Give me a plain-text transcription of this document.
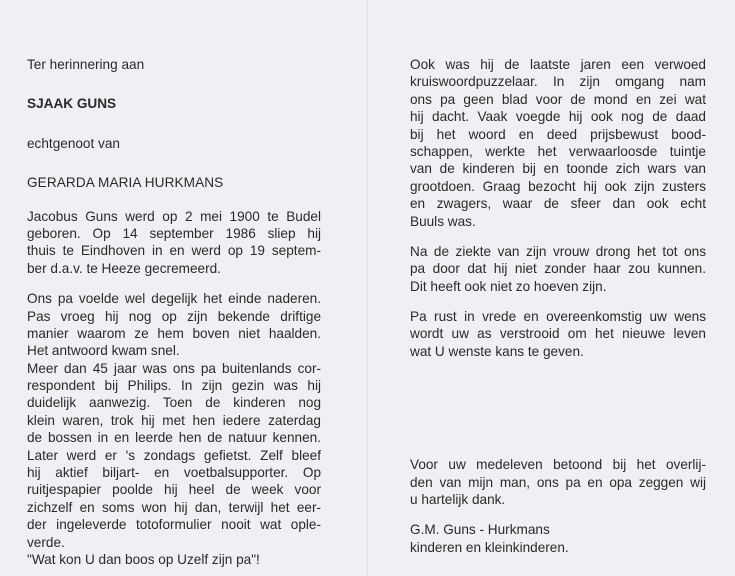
Ter herinnering aan
SJAAK GUNS
echtgenoot van
GERARDA MARIA HURKMANS
Jacobus Guns werd op 2 mei 1900 te Budel
geboren. Op 14 september 1986 sliep hij
thuis te Eindhoven in en werd op 19 septem-
ber d.a.v. te Heeze gecremeerd.
Ons pa voelde wel degelijk het einde naderen.
Pas vroeg hij nog op zijn bekende driftige
manier waarom ze hem boven niet haalden.
Het antwoord kwam snel.
Meer dan 45 jaar was ons pa buitenlands cor-
respondent bij Philips. In zijn gezin was hij
duidelijk aanwezig. Toen de kinderen nog
klein waren, trok hij met hen iedere zaterdag
de bossen in en leerde hen de natuur kennen.
Later werd er 's zondags gefietst. Zelf bleef
hij aktief biljart- en voetbalsupporter. Op
ruitjespapier poolde hij heel de week voor
zichzelf en soms won hij dan, terwijl het eer-
der ingeleverde totoformulier nooit wat ople-
verde.
"Wat kon U dan boos op Uzelf zijn pa"!
Ook was hij de laatste jaren een verwoed
kruiswoordpuzzelaar. In zijn omgang nam
ons pa geen blad voor de mond en zei wat
hij dacht. Vaak voegde hij ook nog de daad
bij het woord en deed prijsbewust bood-
schappen, werkte het verwaarloosde tuintje
van de kinderen bij en toonde zich wars van
grootdoen. Graag bezocht hij ook zijn zusters
en zwagers, waar de sfeer dan ook echt
Buuls was.
Na de ziekte van zijn vrouw drong het tot ons
pa door dat hij niet zonder haar zou kunnen.
Dit heeft ook niet zo hoeven zijn.
Pa rust in vrede en overeenkomstig uw wens
wordt uw as verstrooid om het nieuwe leven
wat U wenste kans te geven.
Voor uw medeleven betoond bij het overlij-
den van mijn man, ons pa en opa zeggen wij
u hartelijk dank.
G.M. Guns - Hurkmans
kinderen en kleinkinderen.
